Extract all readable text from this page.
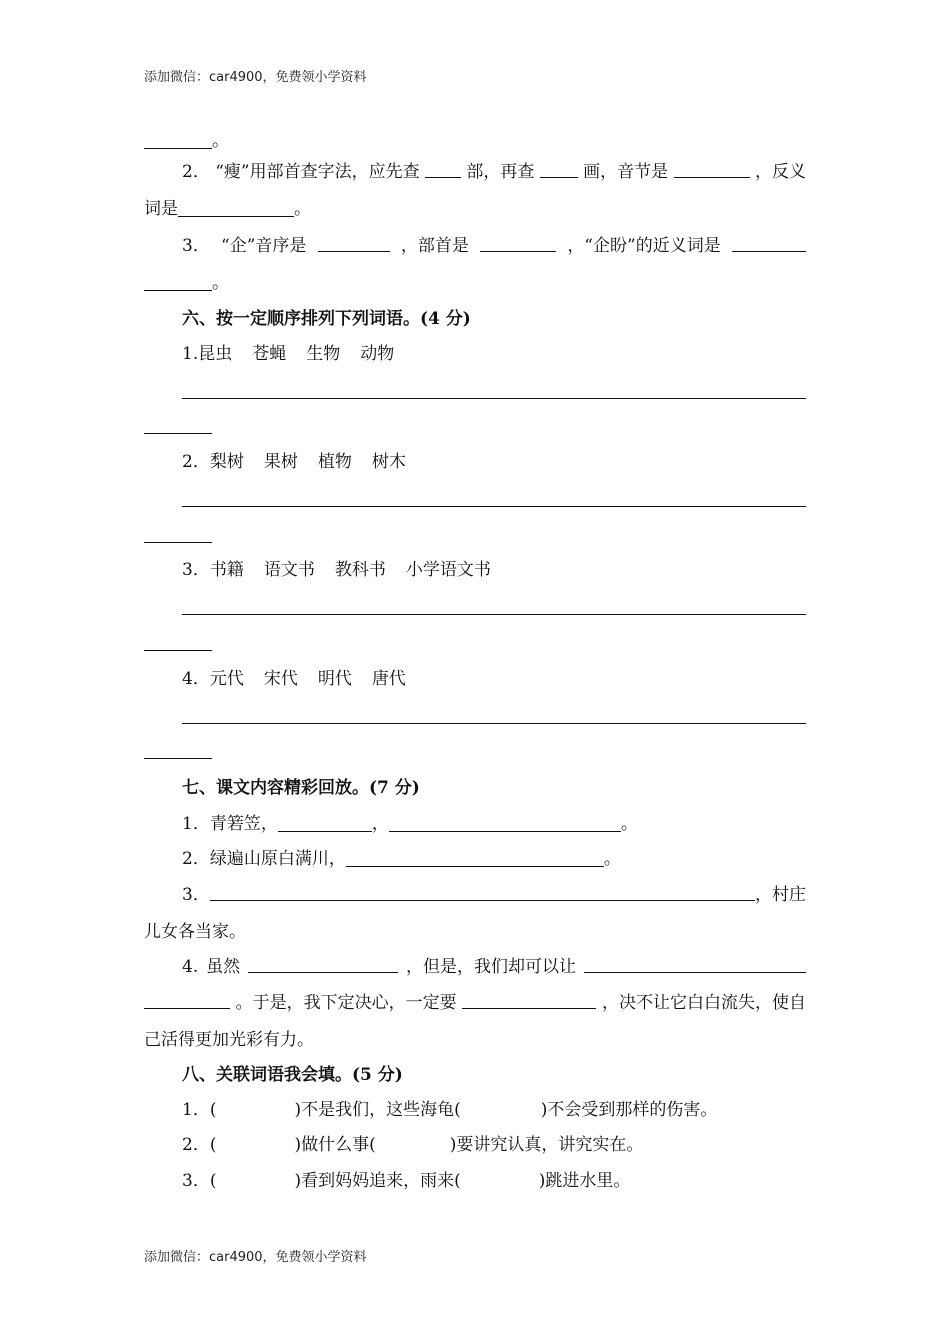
添加微信：car4900，免费领小学资料
。
2． “瘦”用部首查字法，应先查	部，再查	画，音节是	，反义
词是	。
3． “企”音序是	，部首是	，“企盼”的近义词是
。
六、按一定顺序排列下列词语。(4 分)
1.昆虫 苍蝇 生物 动物
2．梨树 果树 植物 树木
3．书籍 语文书 教科书 小学语文书
4．元代 宋代 明代 唐代
七、课文内容精彩回放。(7 分)
1．青箬笠，	，	。
2．绿遍山原白满川，	。
3．	，村庄
儿女各当家。
4. 虽然	，但是，我们却可以让
。于是，我下定决心，一定要	，决不让它白白流失，使自
己活得更加光彩有力。
八、关联词语我会填。(5 分)
1．(	)不是我们，这些海龟(	)不会受到那样的伤害。
2．(	)做什么事(	)要讲究认真，讲究实在。
3．(	)看到妈妈追来，雨来(	)跳进水里。
添加微信：car4900，免费领小学资料
